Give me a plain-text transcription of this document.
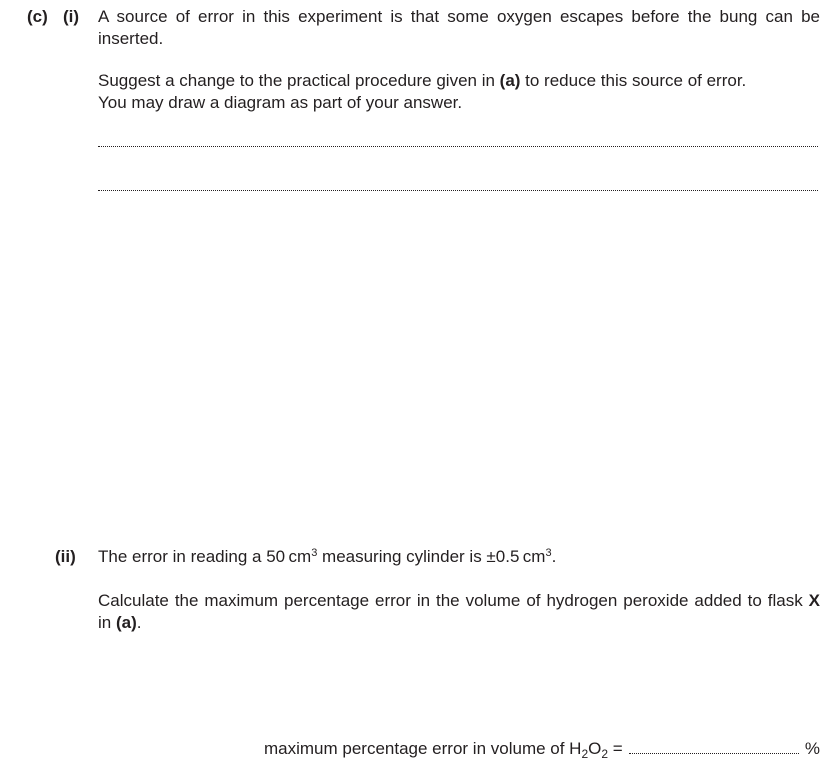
(c) (i) A source of error in this experiment is that some oxygen escapes before the bung can be inserted.

Suggest a change to the practical procedure given in (a) to reduce this source of error.
You may draw a diagram as part of your answer.

(ii) The error in reading a 50 $cm^3$ measuring cylinder is ±0.5 $cm^3$.

Calculate the maximum percentage error in the volume of hydrogen peroxide added to flask X in (a).

maximum percentage error in volume of $H_2O_2$ =	%
